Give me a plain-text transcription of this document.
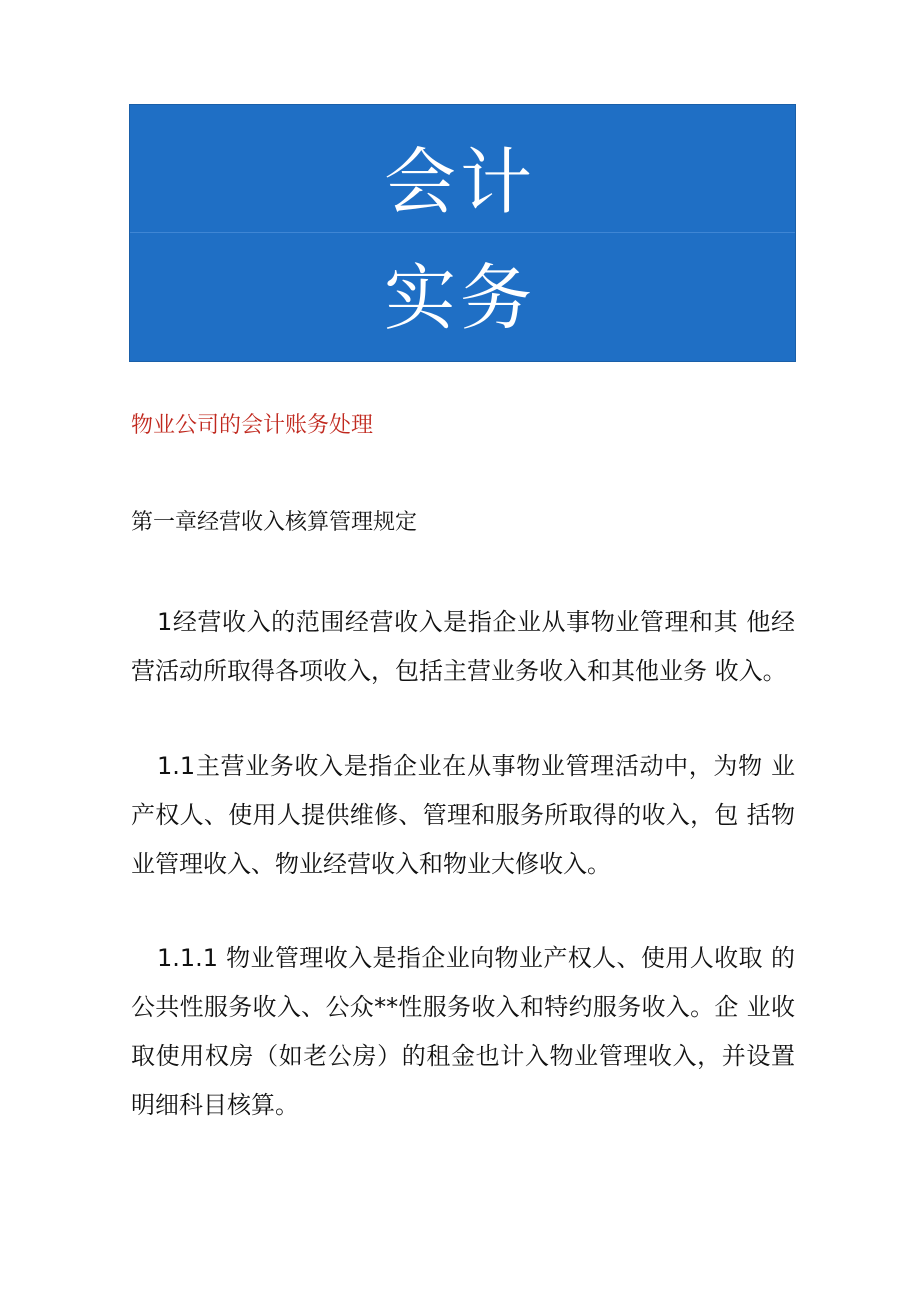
会计
实务
物业公司的会计账务处理
第一章经营收入核算管理规定

1经营收入的范围经营收入是指企业从事物业管理和其 他经营活动所取得各项收入，包括主营业务收入和其他业务 收入。

1.1主营业务收入是指企业在从事物业管理活动中，为物 业产权人、使用人提供维修、管理和服务所取得的收入，包 括物业管理收入、物业经营收入和物业大修收入。

1.1.1 物业管理收入是指企业向物业产权人、使用人收取 的公共性服务收入、公众**性服务收入和特约服务收入。企 业收取使用权房（如老公房）的租金也计入物业管理收入，并设置明细科目核算。
